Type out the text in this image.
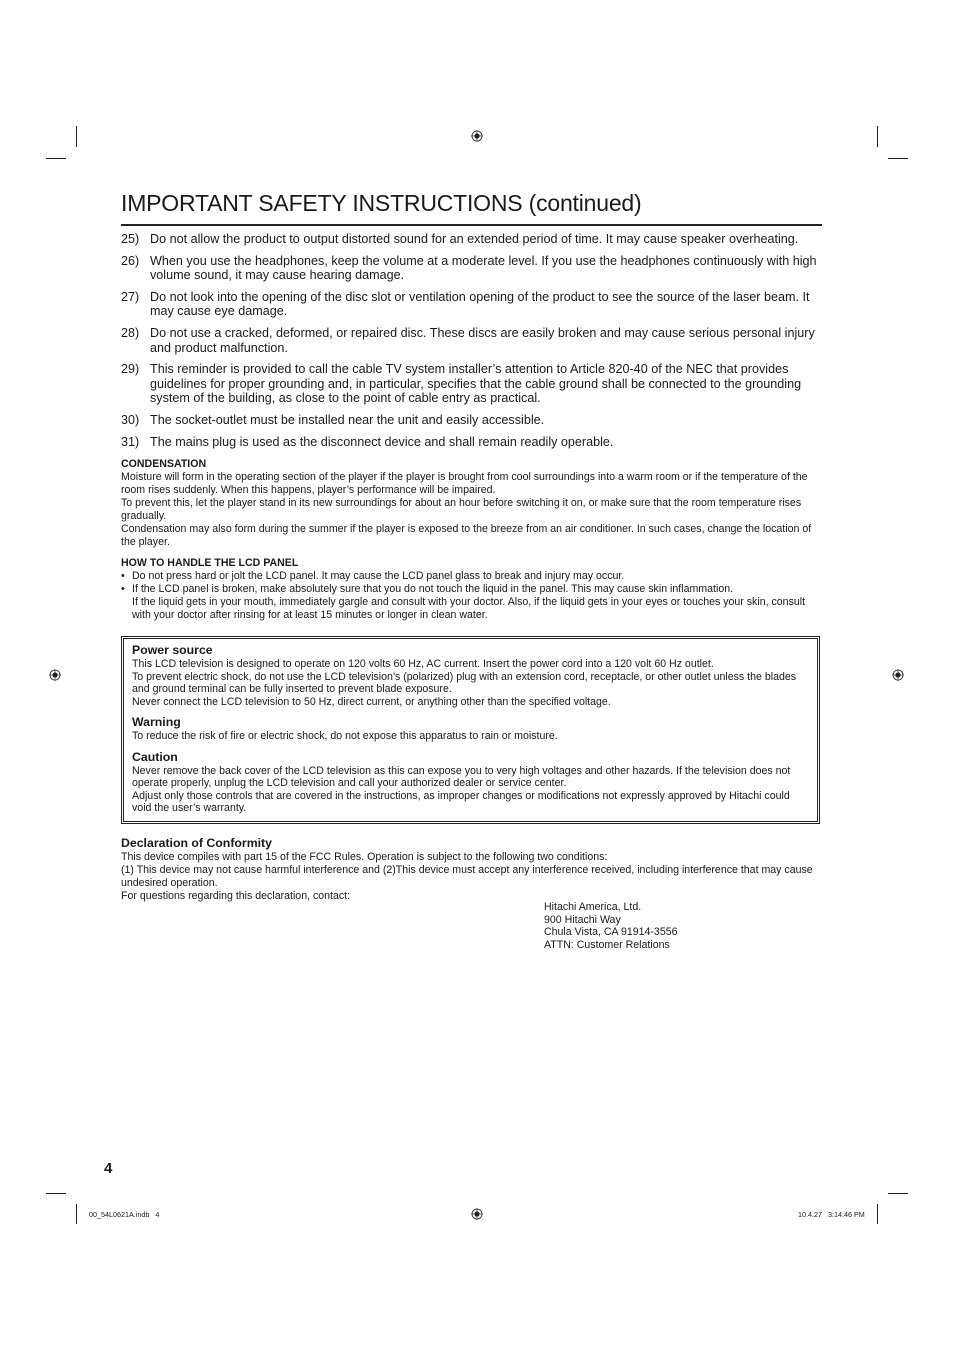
IMPORTANT SAFETY INSTRUCTIONS (continued)
25) Do not allow the product to output distorted sound for an extended period of time. It may cause speaker overheating.
26) When you use the headphones, keep the volume at a moderate level. If you use the headphones continuously with high volume sound, it may cause hearing damage.
27) Do not look into the opening of the disc slot or ventilation opening of the product to see the source of the laser beam. It may cause eye damage.
28) Do not use a cracked, deformed, or repaired disc. These discs are easily broken and may cause serious personal injury and product malfunction.
29) This reminder is provided to call the cable TV system installer’s attention to Article 820-40 of the NEC that provides guidelines for proper grounding and, in particular, specifies that the cable ground shall be connected to the grounding system of the building, as close to the point of cable entry as practical.
30) The socket-outlet must be installed near the unit and easily accessible.
31) The mains plug is used as the disconnect device and shall remain readily operable.
CONDENSATION

Moisture will form in the operating section of the player if the player is brought from cool surroundings into a warm room or if the temperature of the room rises suddenly. When this happens, player’s performance will be impaired.

To prevent this, let the player stand in its new surroundings for about an hour before switching it on, or make sure that the room temperature rises gradually.

Condensation may also form during the summer if the player is exposed to the breeze from an air conditioner. In such cases, change the location of the player.

HOW TO HANDLE THE LCD PANEL
• Do not press hard or jolt the LCD panel. It may cause the LCD panel glass to break and injury may occur.
• If the LCD panel is broken, make absolutely sure that you do not touch the liquid in the panel. This may cause skin inflammation.
If the liquid gets in your mouth, immediately gargle and consult with your doctor. Also, if the liquid gets in your eyes or touches your skin, consult with your doctor after rinsing for at least 15 minutes or longer in clean water.
Power source

This LCD television is designed to operate on 120 volts 60 Hz, AC current. Insert the power cord into a 120 volt 60 Hz outlet.

To prevent electric shock, do not use the LCD television’s (polarized) plug with an extension cord, receptacle, or other outlet unless the blades and ground terminal can be fully inserted to prevent blade exposure.

Never connect the LCD television to 50 Hz, direct current, or anything other than the specified voltage.

Warning

To reduce the risk of fire or electric shock, do not expose this apparatus to rain or moisture.

Caution

Never remove the back cover of the LCD television as this can expose you to very high voltages and other hazards. If the television does not operate properly, unplug the LCD television and call your authorized dealer or service center.

Adjust only those controls that are covered in the instructions, as improper changes or modifications not expressly approved by Hitachi could void the user’s warranty.

Declaration of Conformity

This device compiles with part 15 of the FCC Rules. Operation is subject to the following two conditions:

(1) This device may not cause harmful interference and (2)This device must accept any interference received, including interference that may cause undesired operation.

For questions regarding this declaration, contact:

Hitachi America, Ltd.
900 Hitachi Way
Chula Vista, CA 91914-3556
ATTN: Customer Relations
4
00_54L0621A.indb   4	10.4.27   3:14:46 PM
